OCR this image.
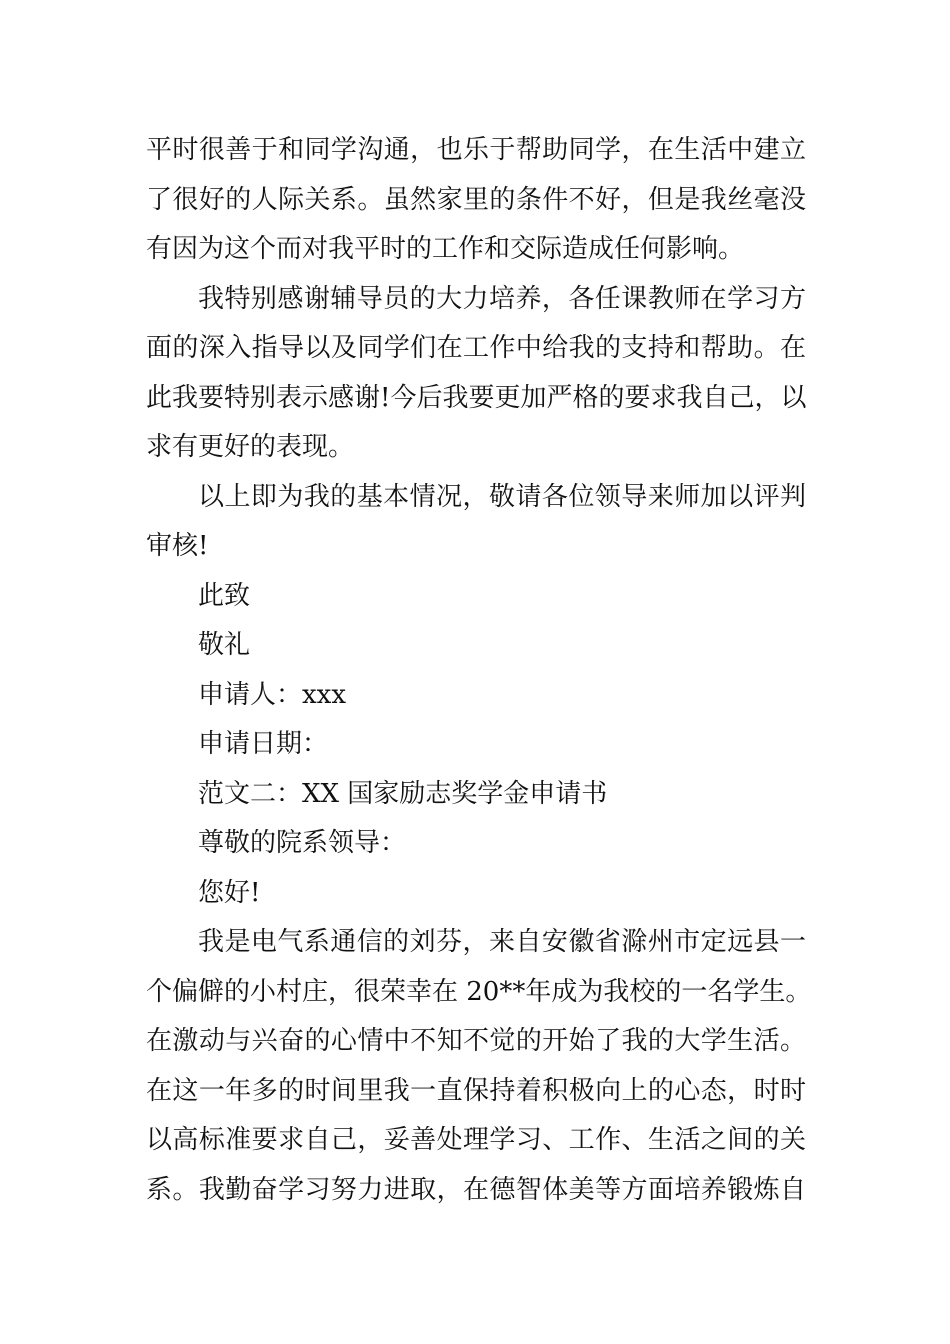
平时很善于和同学沟通，也乐于帮助同学，在生活中建立
了很好的人际关系。虽然家里的条件不好，但是我丝毫没
有因为这个而对我平时的工作和交际造成任何影响。
我特别感谢辅导员的大力培养，各任课教师在学习方
面的深入指导以及同学们在工作中给我的支持和帮助。在
此我要特别表示感谢!今后我要更加严格的要求我自己，以
求有更好的表现。
以上即为我的基本情况，敬请各位领导来师加以评判
审核!
此致
敬礼
申请人：xxx
申请日期：
范文二：XX 国家励志奖学金申请书
尊敬的院系领导：
您好!
我是电气系通信的刘芬，来自安徽省滁州市定远县一
个偏僻的小村庄，很荣幸在 20**年成为我校的一名学生。
在激动与兴奋的心情中不知不觉的开始了我的大学生活。
在这一年多的时间里我一直保持着积极向上的心态，时时
以高标准要求自己，妥善处理学习、工作、生活之间的关
系。我勤奋学习努力进取，在德智体美等方面培养锻炼自
